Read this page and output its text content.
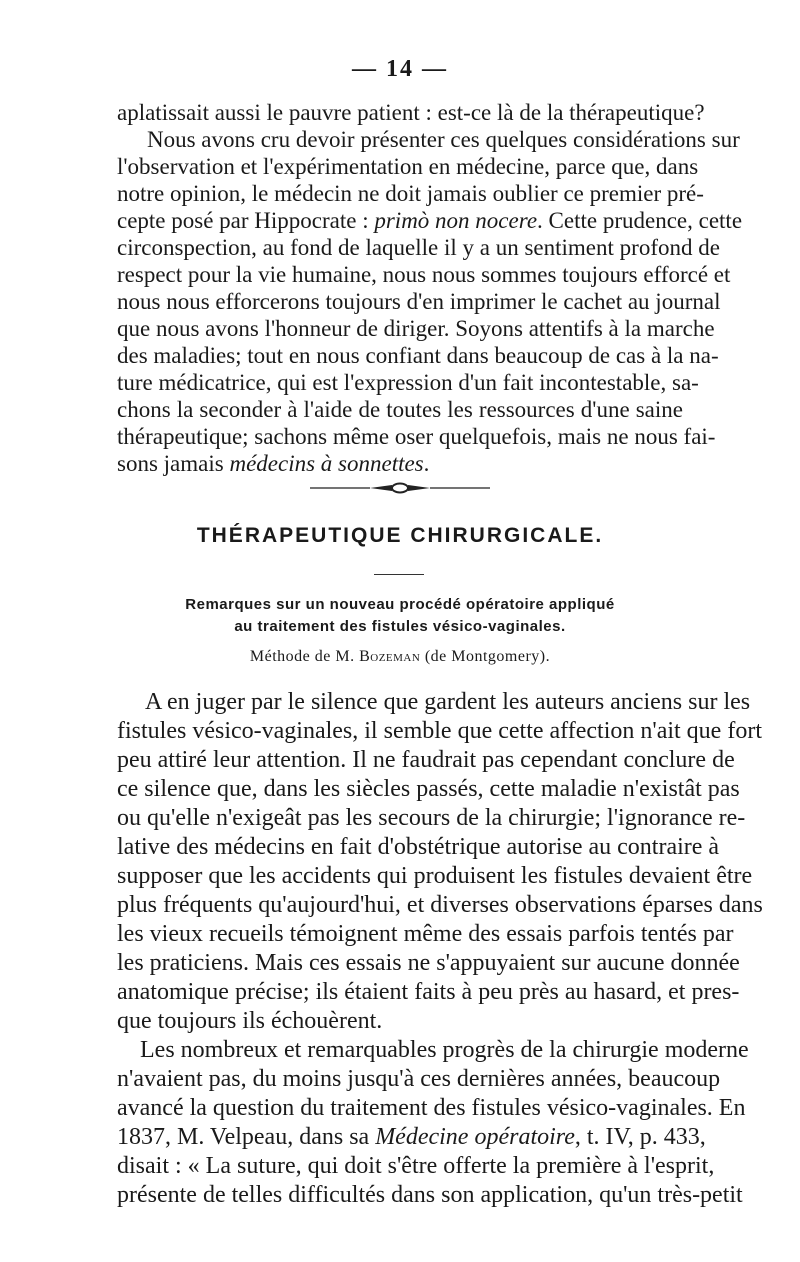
— 14 —
aplatissait aussi le pauvre patient : est-ce là de la thérapeutique?
Nous avons cru devoir présenter ces quelques considérations sur
l'observation et l'expérimentation en médecine, parce que, dans
notre opinion, le médecin ne doit jamais oublier ce premier pré-
cepte posé par Hippocrate : primò non nocere. Cette prudence, cette
circonspection, au fond de laquelle il y a un sentiment profond de
respect pour la vie humaine, nous nous sommes toujours efforcé et
nous nous efforcerons toujours d'en imprimer le cachet au journal
que nous avons l'honneur de diriger. Soyons attentifs à la marche
des maladies; tout en nous confiant dans beaucoup de cas à la na-
ture médicatrice, qui est l'expression d'un fait incontestable, sa-
chons la seconder à l'aide de toutes les ressources d'une saine
thérapeutique; sachons même oser quelquefois, mais ne nous fai-
sons jamais médecins à sonnettes.
THÉRAPEUTIQUE CHIRURGICALE.
Remarques sur un nouveau procédé opératoire appliqué
au traitement des fistules vésico-vaginales.
Méthode de M. Bozeman (de Montgomery).
A en juger par le silence que gardent les auteurs anciens sur les
fistules vésico-vaginales, il semble que cette affection n'ait que fort
peu attiré leur attention. Il ne faudrait pas cependant conclure de
ce silence que, dans les siècles passés, cette maladie n'existât pas
ou qu'elle n'exigeât pas les secours de la chirurgie; l'ignorance re-
lative des médecins en fait d'obstétrique autorise au contraire à
supposer que les accidents qui produisent les fistules devaient être
plus fréquents qu'aujourd'hui, et diverses observations éparses dans
les vieux recueils témoignent même des essais parfois tentés par
les praticiens. Mais ces essais ne s'appuyaient sur aucune donnée
anatomique précise; ils étaient faits à peu près au hasard, et pres-
que toujours ils échouèrent.
Les nombreux et remarquables progrès de la chirurgie moderne
n'avaient pas, du moins jusqu'à ces dernières années, beaucoup
avancé la question du traitement des fistules vésico-vaginales. En
1837, M. Velpeau, dans sa Médecine opératoire, t. IV, p. 433,
disait : « La suture, qui doit s'être offerte la première à l'esprit,
présente de telles difficultés dans son application, qu'un très-petit
